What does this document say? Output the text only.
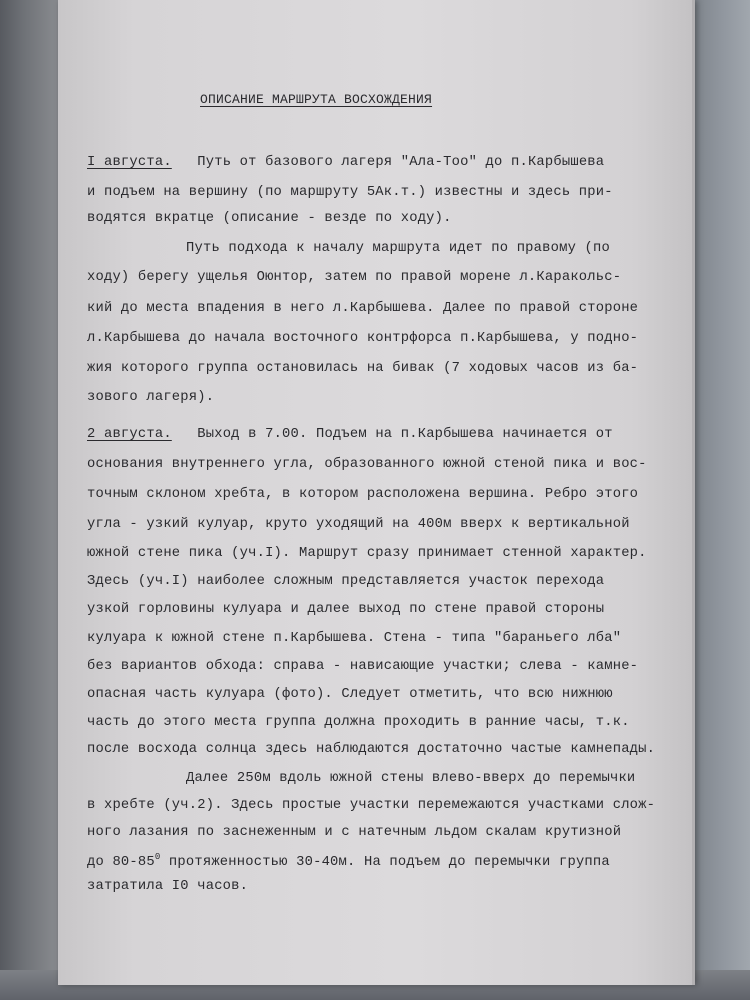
ОПИСАНИЕ МАРШРУТА ВОСХОЖДЕНИЯ
I августа. Путь от базового лагеря "Ала-Тоо" до п.Карбышева
и подъем на вершину (по маршруту 5Ак.т.) известны и здесь при-
водятся вкратце (описание - везде по ходу).
Путь подхода к началу маршрута идет по правому (по
ходу) берегу ущелья Оюнтор, затем по правой морене л.Каракольс-
кий до места впадения в него л.Карбышева. Далее по правой стороне
л.Карбышева до начала восточного контрфорса п.Карбышева, у подно-
жия которого группа остановилась на бивак (7 ходовых часов из ба-
зового лагеря).
2 августа. Выход в 7.00. Подъем на п.Карбышева начинается от
основания внутреннего угла, образованного южной стеной пика и вос-
точным склоном хребта, в котором расположена вершина. Ребро этого
угла - узкий кулуар, круто уходящий на 400м вверх к вертикальной
южной стене пика (уч.I). Маршрут сразу принимает стенной характер.
Здесь (уч.I) наиболее сложным представляется участок перехода
узкой горловины кулуара и далее выход по стене правой стороны
кулуара к южной стене п.Карбышева. Стена - типа "бараньего лба"
без вариантов обхода: справа - нависающие участки; слева - камне-
опасная часть кулуара (фото). Следует отметить, что всю нижнюю
часть до этого места группа должна проходить в ранние часы, т.к.
после восхода солнца здесь наблюдаются достаточно частые камнепады.
Далее 250м вдоль южной стены влево-вверх до перемычки
в хребте (уч.2). Здесь простые участки перемежаются участками слож-
ного лазания по заснеженным и с натечным льдом скалам крутизной
до $80-85^0$ протяженностью 30-40м. На подъем до перемычки группа
затратила I0 часов.
